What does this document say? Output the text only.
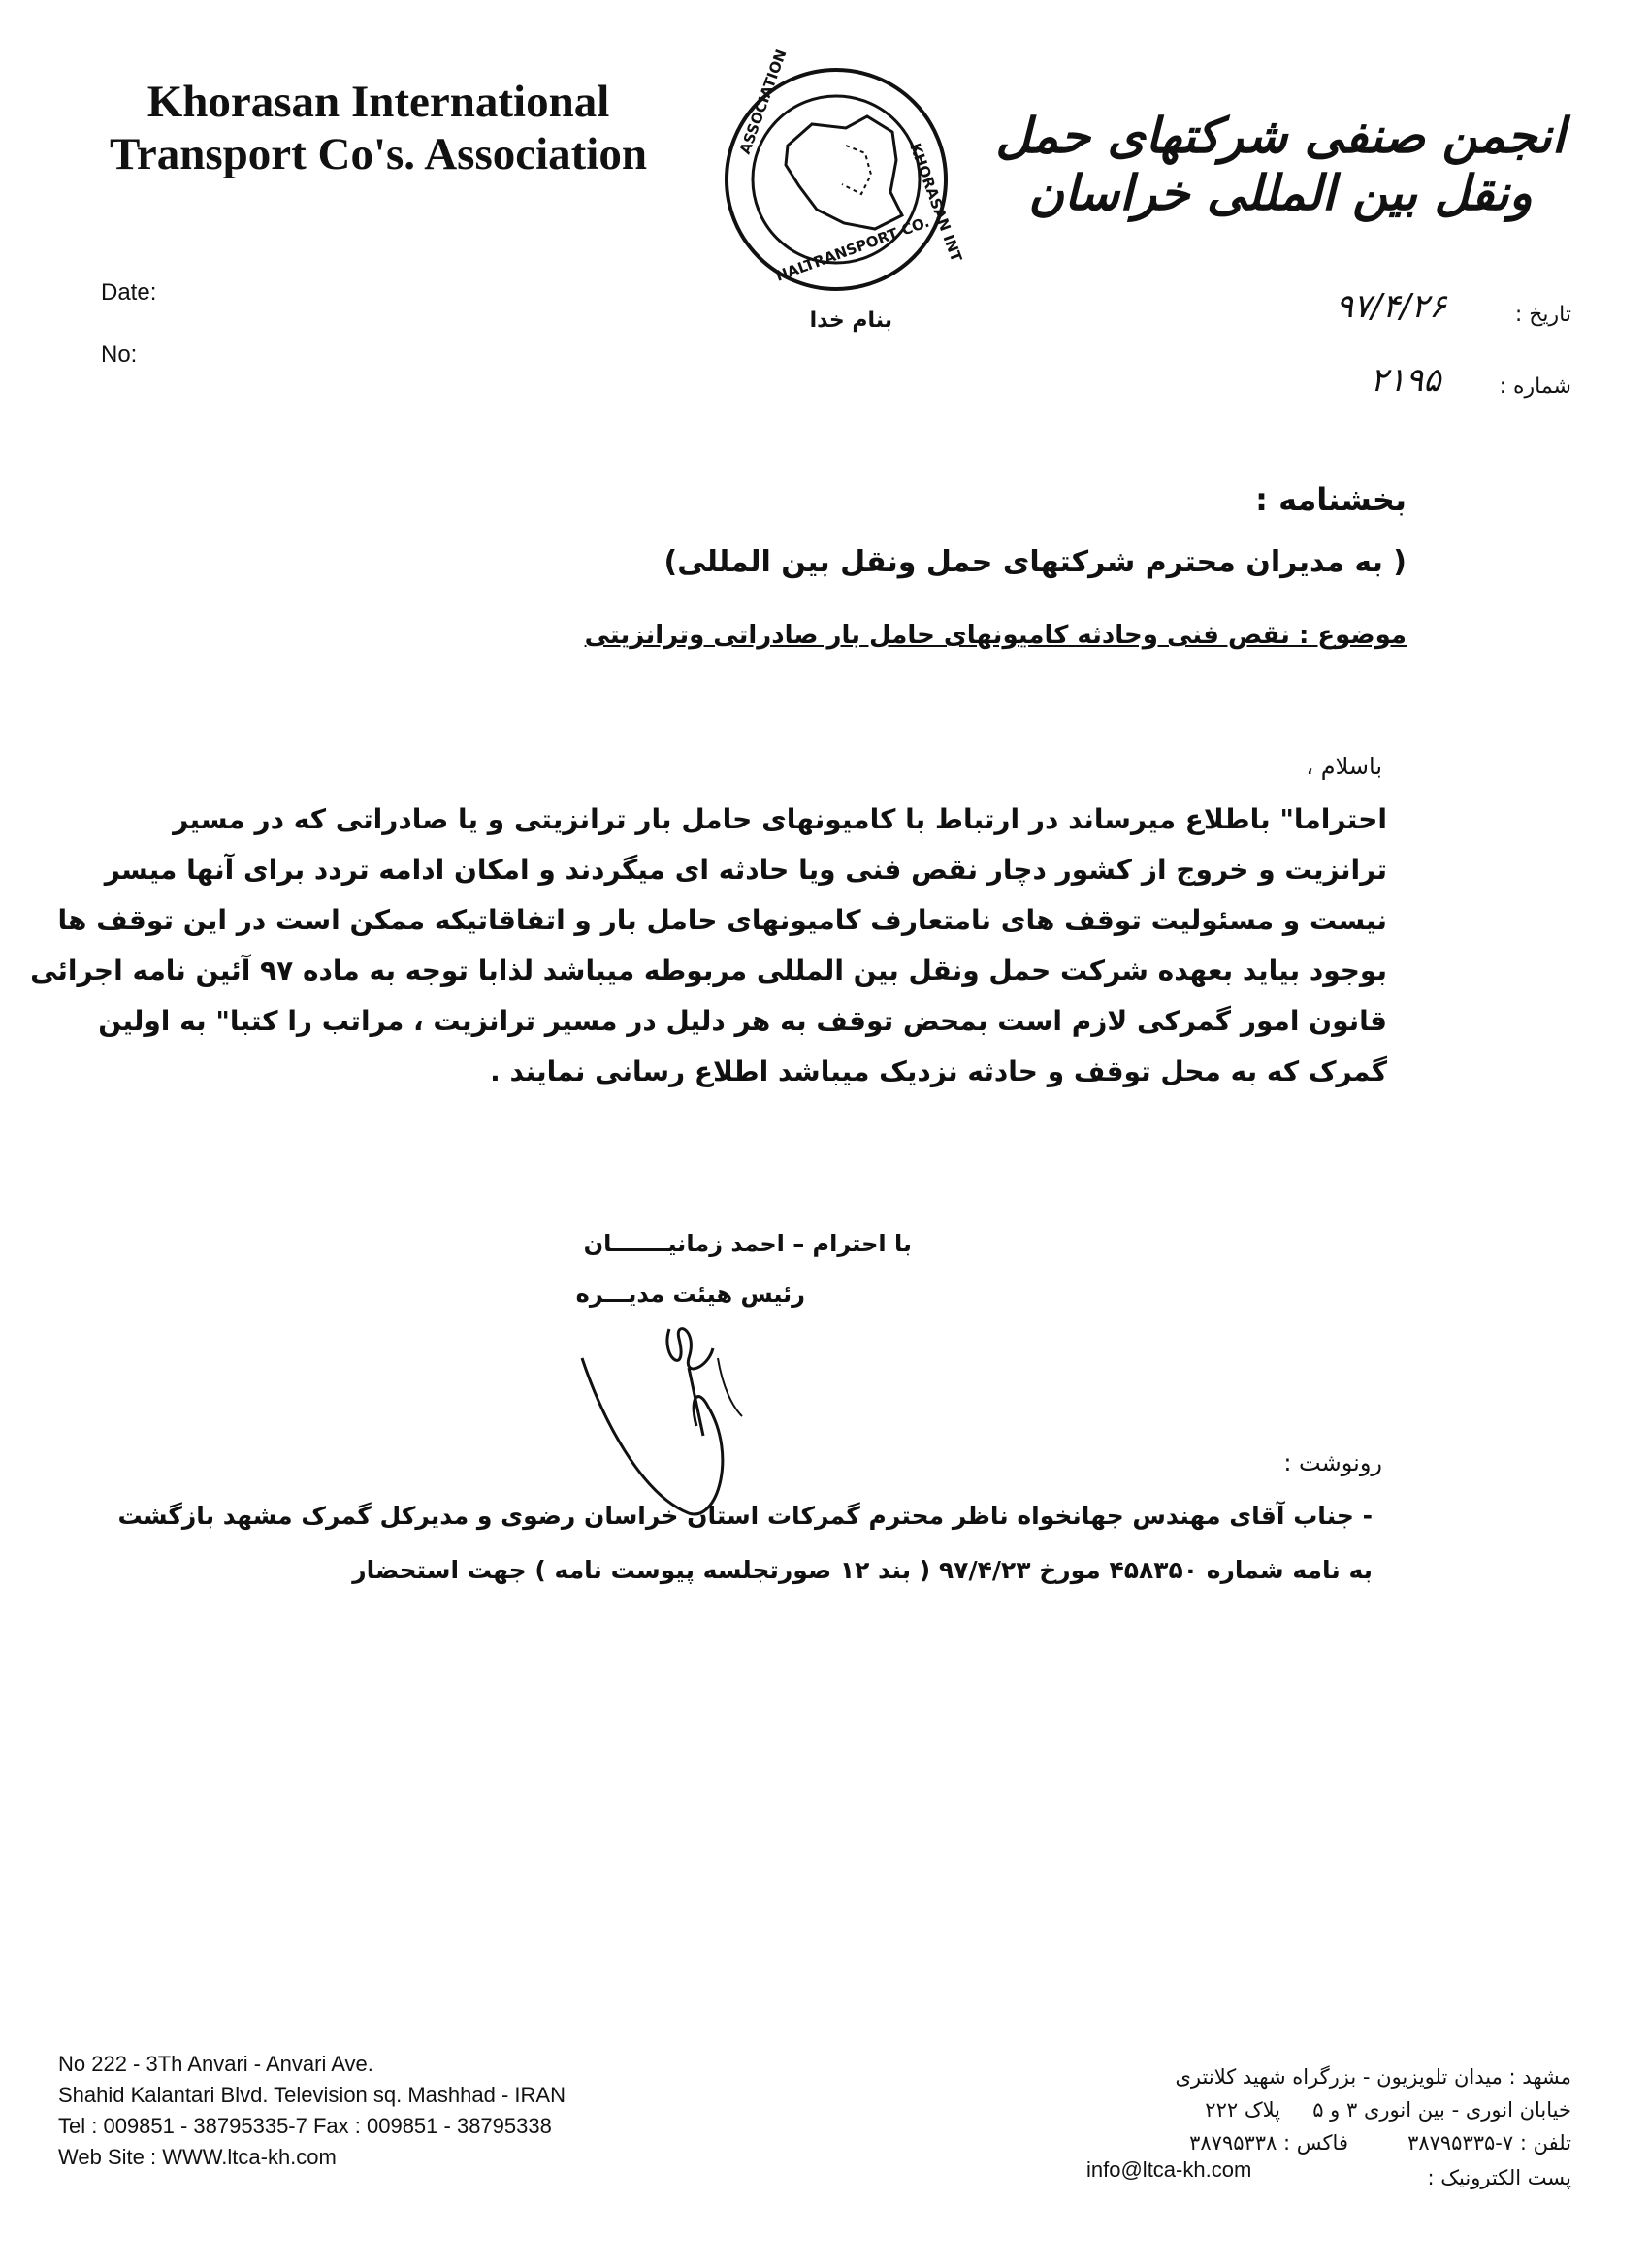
Khorasan International
Transport Co's. Association	KHORASAN INT
ASSOCIATION
NALTRANSPORT CO.
انجمن صنفی شرکتهای حمل ونقل بین المللی خراسان
Date:
No:
بنام خدا	تاریخ :
۹۷/۴/۲۶
شماره :
۲۱۹۵
بخشنامه :
( به مدیران محترم شرکتهای حمل ونقل بین المللی)
موضوع : نقص فنی وحادثه کامیونهای حامل بار صادراتی وترانزیتی
باسلام ،
احتراما" باطلاع میرساند در ارتباط با کامیونهای حامل بار ترانزیتی و یا صادراتی که در مسیر
ترانزیت و خروج از کشور دچار نقص فنی ویا حادثه ای میگردند و امکان ادامه تردد برای آنها میسر
نیست و مسئولیت توقف های نامتعارف کامیونهای حامل بار و اتفاقاتیکه ممکن است در این توقف ها
بوجود بیاید بعهده شرکت حمل ونقل بین المللی مربوطه میباشد لذابا توجه به ماده ۹۷ آئین نامه اجرائی
قانون امور گمرکی لازم است بمحض توقف به هر دلیل در مسیر ترانزیت ، مراتب را کتبا" به اولین
گمرک که به محل توقف و حادثه نزدیک میباشد اطلاع رسانی نمایند .
با احترام – احمد زمانیـــــــان
رئیس هیئت مدیـــره
رونوشت :
- جناب آقای مهندس جهانخواه ناظر محترم گمرکات استان خراسان رضوی و مدیرکل گمرک مشهد بازگشت
به نامه شماره ۴۵۸۳۵۰ مورخ ۹۷/۴/۲۳ ( بند ۱۲ صورتجلسه پیوست نامه ) جهت استحضار
No 222 - 3Th Anvari - Anvari Ave.
Shahid Kalantari Blvd. Television sq. Mashhad - IRAN
Tel : 009851 - 38795335-7 Fax : 009851 - 38795338
Web Site : WWW.ltca-kh.com
مشهد : میدان تلویزیون - بزرگراه شهید کلانتری
خیابان انوری - بین انوری ۳ و ۵
پلاک ۲۲۲
تلفن : ۷-۳۸۷۹۵۳۳۵
فاکس : ۳۸۷۹۵۳۳۸
پست الکترونیک :
info@ltca-kh.com
